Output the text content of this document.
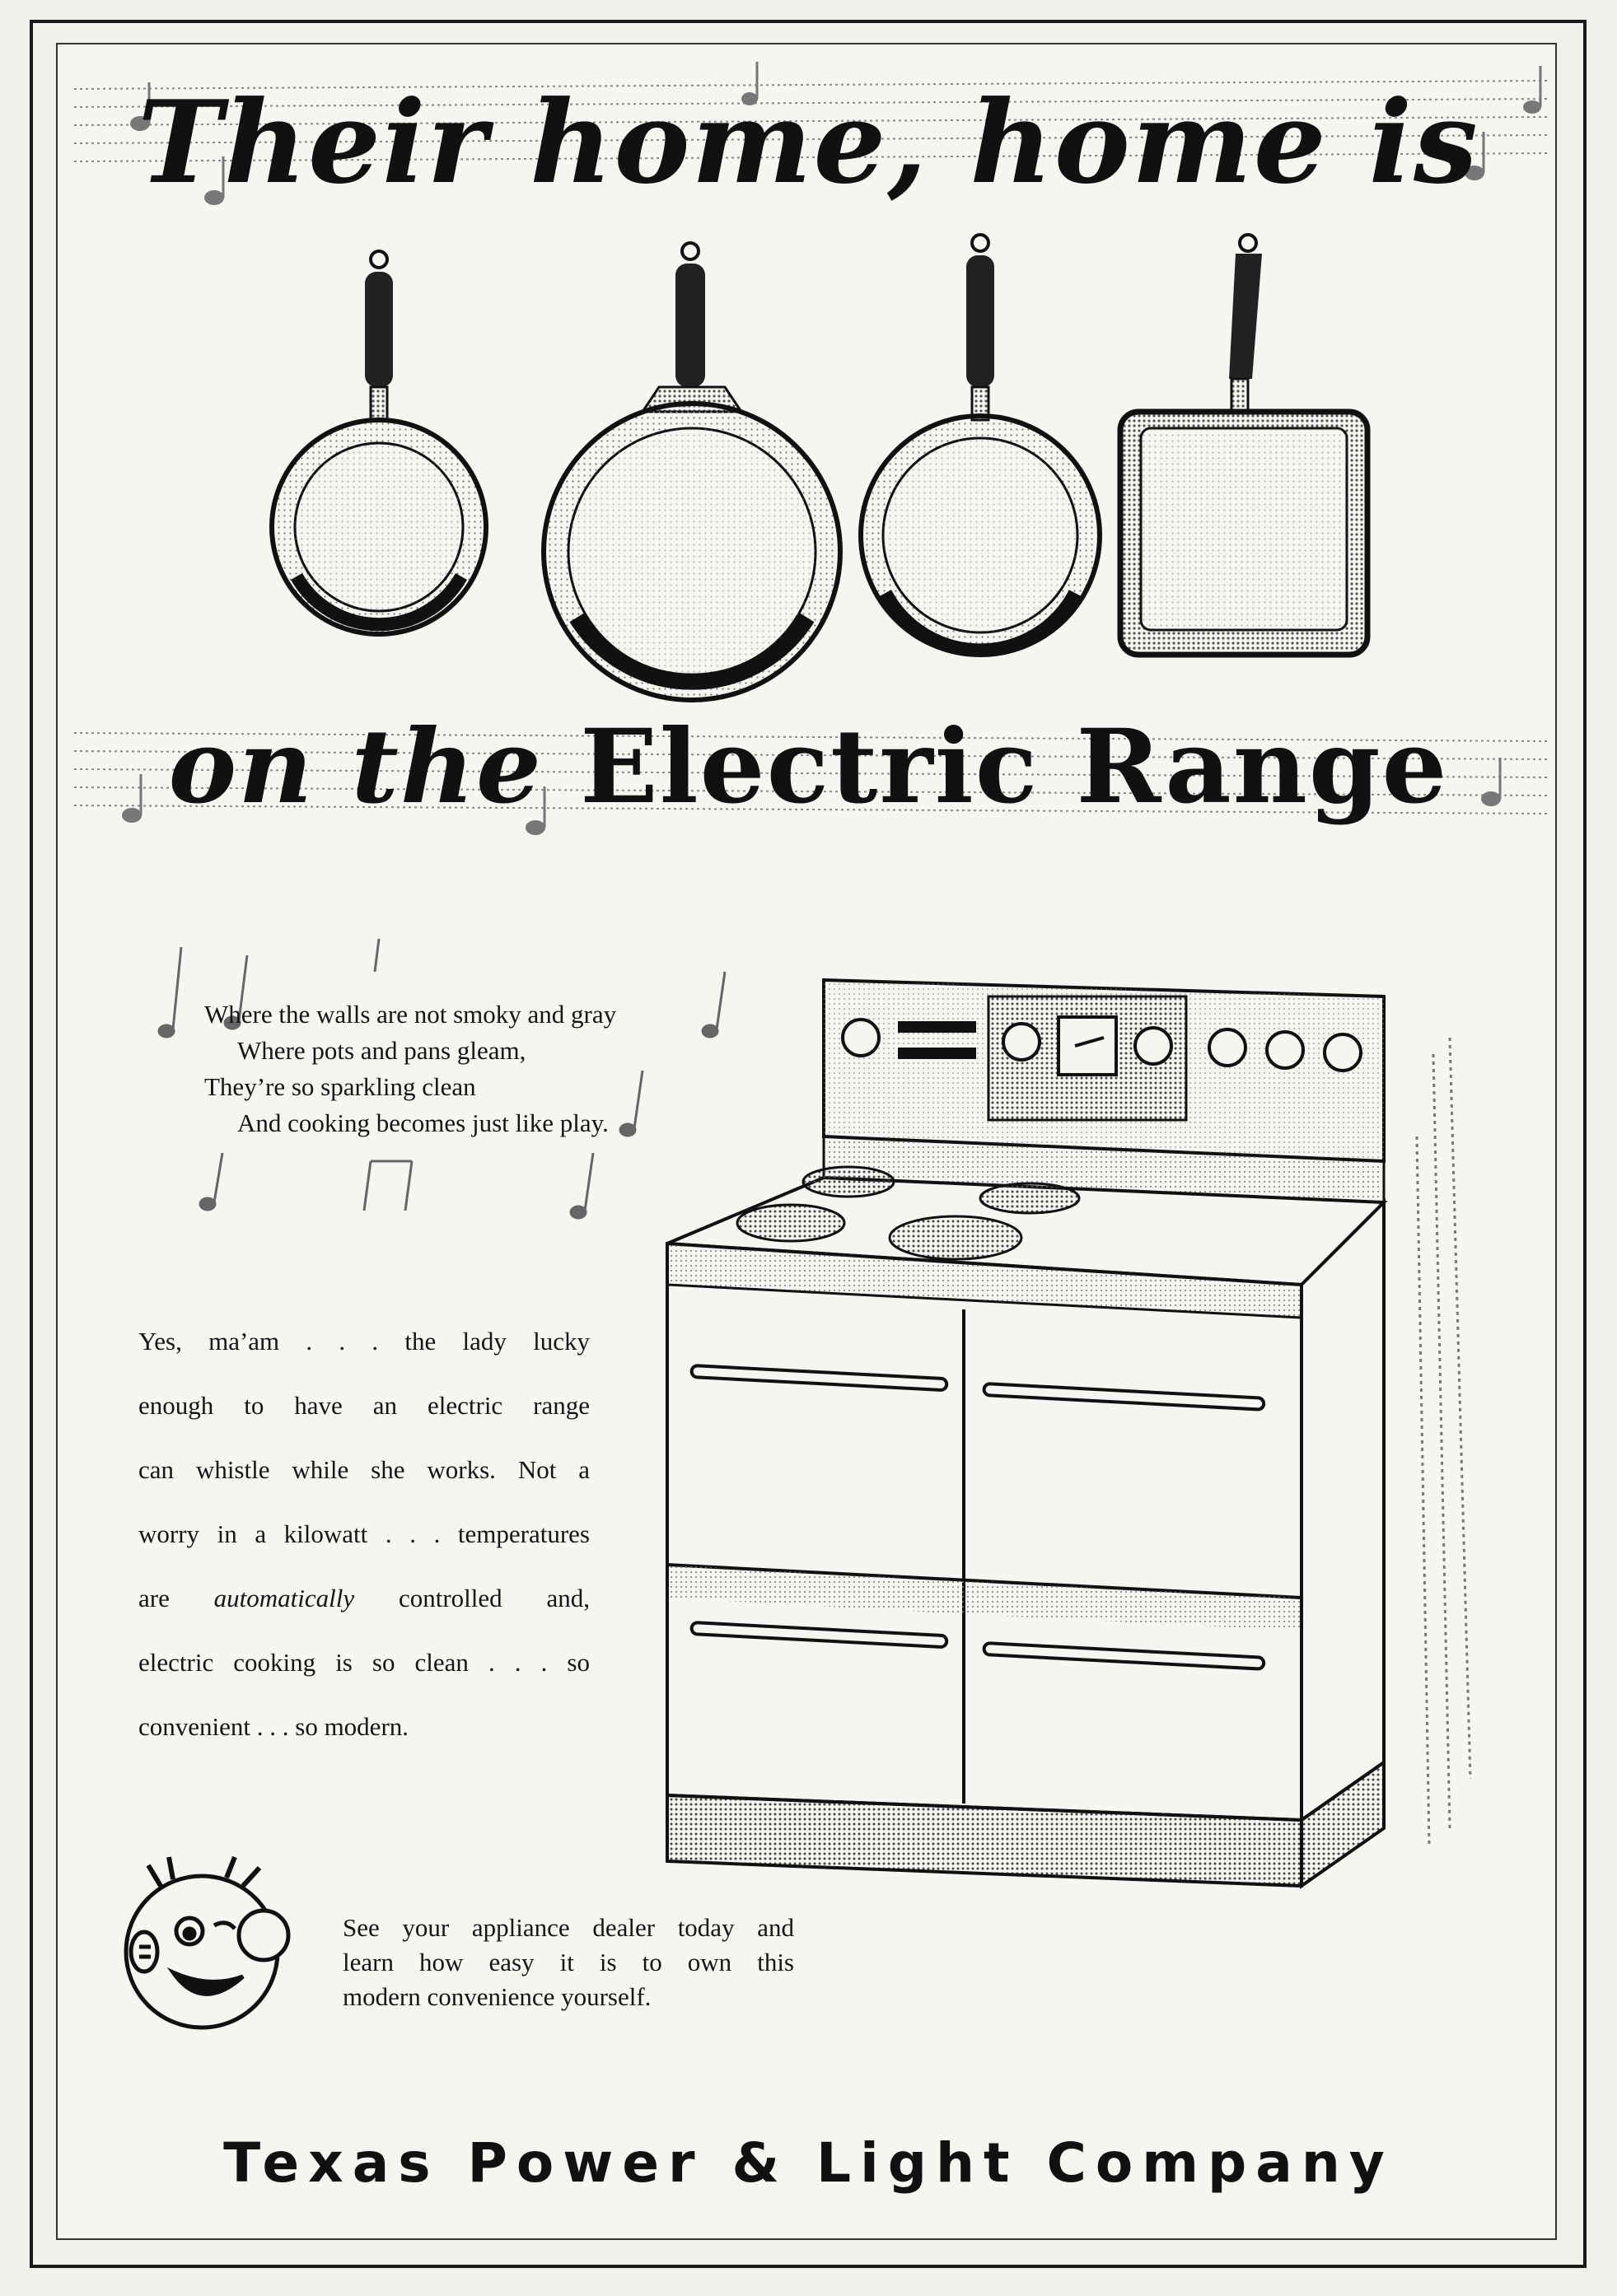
Their home, home is
on the Electric Range
Where the walls are not smoky and gray
Where pots and pans gleam,
They’re so sparkling clean
And cooking becomes just like play.
Yes, ma’am . . . the lady lucky
enough to have an electric range
can whistle while she works. Not a
worry in a kilowatt . . . temperatures
are automatically controlled and,
electric cooking is so clean . . . so
convenient . . . so modern.
See your appliance dealer today and
learn how easy it is to own this
modern convenience yourself.
Texas Power & Light Company
